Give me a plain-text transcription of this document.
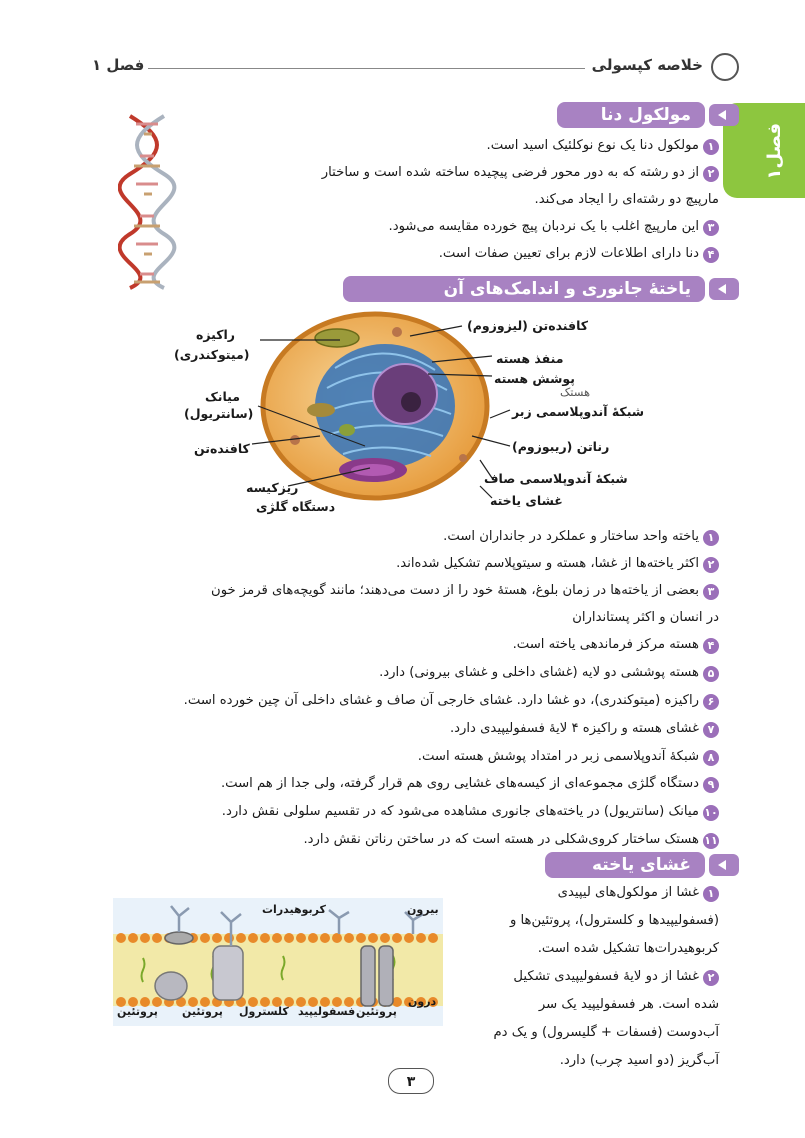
خلاصه کپسولی
فصل ۱
فصل۱
مولکول دنا
۱
مولکول دنا یک نوع نوکلئیک اسید است.
۲
از دو رشته که به دور محور فرضی پیچیده ساخته شده است و ساختار
مارپیچ دو رشته‌ای را ایجاد می‌کند.
۳
این مارپیچ اغلب با یک نردبان پیچ خورده مقایسه می‌شود.
۴
دنا دارای اطلاعات لازم برای تعیین صفات است.
یاختهٔ جانوری و اندامک‌های آن
راکیزه
(میتوکندری)
میانک
(سانتریول)
کافنده‌تن
ریزکیسه
دستگاه گلژی
کافنده‌تن (لیزوزوم)
منفذ هسته
پوشش هسته
هستک
شبکهٔ آندوپلاسمی زبر
رناتن (ریبوزوم)
شبکهٔ آندوپلاسمی صاف
غشای یاخته
۱
یاخته واحد ساختار و عملکرد در جانداران است.
۲
اکثر یاخته‌ها از غشا، هسته و سیتوپلاسم تشکیل شده‌اند.
۳
بعضی از یاخته‌ها در زمان بلوغ، هستهٔ خود را از دست می‌دهند؛ مانند گویچه‌های قرمز خون
در انسان و اکثر پستانداران
۴
هسته مرکز فرماندهی یاخته است.
۵
هسته پوششی دو لایه (غشای داخلی و غشای بیرونی) دارد.
۶
راکیزه (میتوکندری)، دو غشا دارد. غشای خارجی آن صاف و غشای داخلی آن چین خورده است.
۷
غشای هسته و راکیزه ۴ لایهٔ فسفولیپیدی دارد.
۸
شبکهٔ آندوپلاسمی زبر در امتداد پوشش هسته است.
۹
دستگاه گلژی مجموعه‌ای از کیسه‌های غشایی روی هم قرار گرفته، ولی جدا از هم است.
۱۰
میانک (سانتریول) در یاخته‌های جانوری مشاهده می‌شود که در تقسیم سلولی نقش دارد.
۱۱
هستک ساختار کروی‌شکلی در هسته است که در ساختن رناتن نقش دارد.
غشای یاخته
کربوهیدرات	بیرون
درون
پروتئین پروتئین کلسترول فسفولیپید پروتئین
۱
غشا از مولکول‌های لیپیدی
(فسفولیپیدها و کلسترول)، پروتئین‌ها و
کربوهیدرات‌ها تشکیل شده است.
۲
غشا از دو لایهٔ فسفولیپیدی تشکیل
شده است. هر فسفولیپید یک سر
آب‌دوست (فسفات + گلیسرول) و یک دم
آب‌گریز (دو اسید چرب) دارد.
۳
